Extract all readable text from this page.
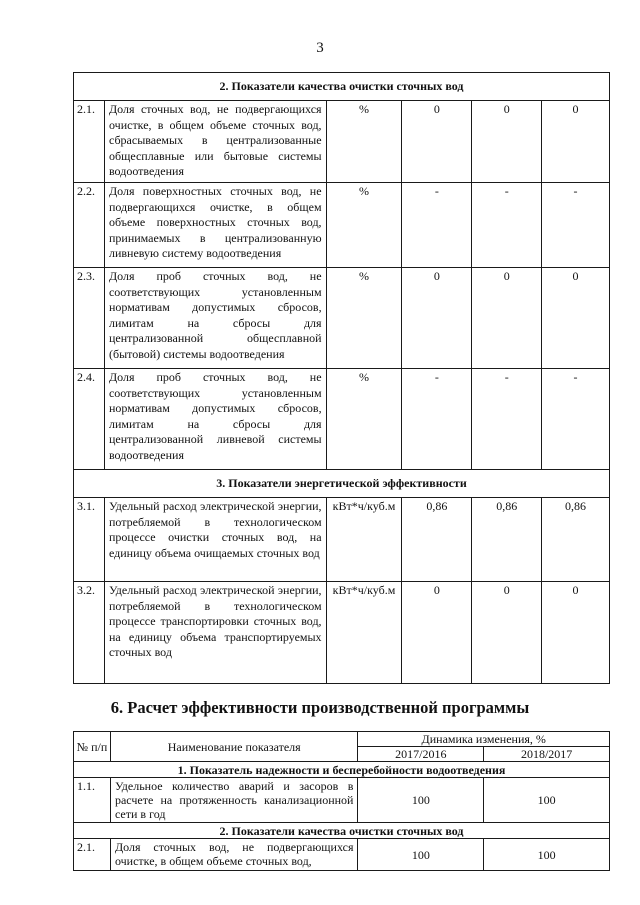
3
2. Показатели качества очистки сточных вод					
2.1.	Доля сточных вод, не подвергающихся очистке, в общем объеме сточных вод, сбрасываемых в централизованные общесплавные или бытовые системы водоотведения	%	0	0	0
2.2.	Доля поверхностных сточных вод, не подвергающихся очистке, в общем объеме поверхностных сточных вод, принимаемых в централизованную ливневую систему водоотведения	%	-	-	-
2.3.	Доля проб сточных вод, не соответствующих установленным нормативам допустимых сбросов, лимитам на сбросы для централизованной общесплавной (бытовой) системы водоотведения	%	0	0	0
2.4.	Доля проб сточных вод, не соответствующих установленным нормативам допустимых сбросов, лимитам на сбросы для централизованной ливневой системы водоотведения	%	-	-	-
3. Показатели энергетической эффективности					
3.1.	Удельный расход электрической энергии, потребляемой в технологическом процессе очистки сточных вод, на единицу объема очищаемых сточных вод	кВт*ч/куб.м	0,86	0,86	0,86
3.2.	Удельный расход электрической энергии, потребляемой в технологическом процессе транспортировки сточных вод, на единицу объема транспортируемых сточных вод	кВт*ч/куб.м	0	0	0
6. Расчет эффективности производственной программы
№ п/п	Наименование показателя	Динамика изменения, %	
		2017/2016	2018/2017
1. Показатель надежности и бесперебойности водоотведения			
1.1.	Удельное количество аварий и засоров в расчете на протяженность канализационной сети в год	100	100
2. Показатели качества очистки сточных вод			
2.1.	Доля сточных вод, не подвергающихся очистке, в общем объеме сточных вод,	100	100
